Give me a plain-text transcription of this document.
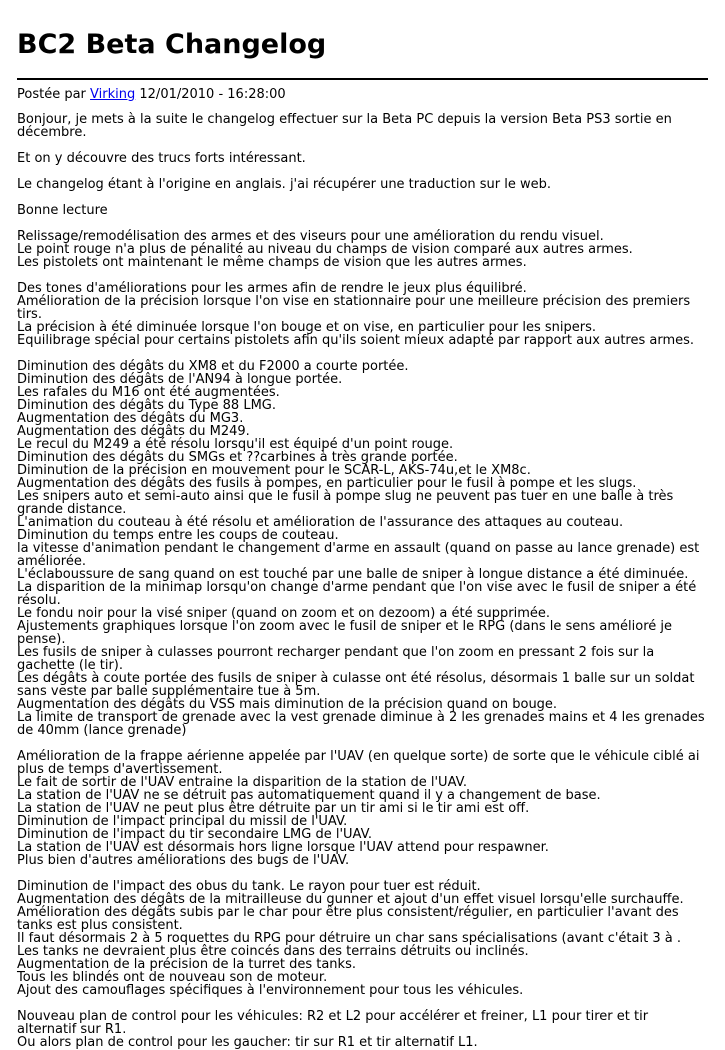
BC2 Beta Changelog
Postée par Virking 12/01/2010 - 16:28:00

Bonjour, je mets à la suite le changelog effectuer sur la Beta PC depuis la version Beta PS3 sortie en décembre.

Et on y découvre des trucs forts intéressant.

Le changelog étant à l'origine en anglais. j'ai récupérer une traduction sur le web.

Bonne lecture

Relissage/remodélisation des armes et des viseurs pour une amélioration du rendu visuel.
Le point rouge n'a plus de pénalité au niveau du champs de vision comparé aux autres armes.
Les pistolets ont maintenant le même champs de vision que les autres armes.

Des tones d'améliorations pour les armes afin de rendre le jeux plus équilibré.
Amélioration de la précision lorsque l'on vise en stationnaire pour une meilleure précision des premiers tirs.
La précision à été diminuée lorsque l'on bouge et on vise, en particulier pour les snipers.
Equilibrage spécial pour certains pistolets afin qu'ils soient mieux adapté par rapport aux autres armes.

Diminution des dégâts du XM8 et du F2000 a courte portée.
Diminution des dégâts de l'AN94 à longue portée.
Les rafales du M16 ont été augmentées.
Diminution des dégâts du Type 88 LMG.
Augmentation des dégâts du MG3.
Augmentation des dégâts du M249.
Le recul du M249 a été résolu lorsqu'il est équipé d'un point rouge.
Diminution des dégâts du SMGs et ??carbines à très grande portée.
Diminution de la précision en mouvement pour le SCAR-L, AKS-74u,et le XM8c.
Augmentation des dégâts des fusils à pompes, en particulier pour le fusil à pompe et les slugs.
Les snipers auto et semi-auto ainsi que le fusil à pompe slug ne peuvent pas tuer en une balle à très grande distance.
L'animation du couteau à été résolu et amélioration de l'assurance des attaques au couteau.
Diminution du temps entre les coups de couteau.
la vitesse d'animation pendant le changement d'arme en assault (quand on passe au lance grenade) est améliorée.
L'éclaboussure de sang quand on est touché par une balle de sniper à longue distance a été diminuée.
La disparition de la minimap lorsqu'on change d'arme pendant que l'on vise avec le fusil de sniper a été résolu.
Le fondu noir pour la visé sniper (quand on zoom et on dezoom) a été supprimée.
Ajustements graphiques lorsque l'on zoom avec le fusil de sniper et le RPG (dans le sens amélioré je pense).
Les fusils de sniper à culasses pourront recharger pendant que l'on zoom en pressant 2 fois sur la gachette (le tir).
Les dégâts à coute portée des fusils de sniper à culasse ont été résolus, désormais 1 balle sur un soldat sans veste par balle supplémentaire tue à 5m.
Augmentation des dégâts du VSS mais diminution de la précision quand on bouge.
La limite de transport de grenade avec la vest grenade diminue à 2 les grenades mains et 4 les grenades de 40mm (lance grenade)

Amélioration de la frappe aérienne appelée par l'UAV (en quelque sorte) de sorte que le véhicule ciblé ai plus de temps d'avertissement.
Le fait de sortir de l'UAV entraine la disparition de la station de l'UAV.
La station de l'UAV ne se détruit pas automatiquement quand il y a changement de base.
La station de l'UAV ne peut plus être détruite par un tir ami si le tir ami est off.
Diminution de l'impact principal du missil de l'UAV.
Diminution de l'impact du tir secondaire LMG de l'UAV.
La station de l'UAV est désormais hors ligne lorsque l'UAV attend pour respawner.
Plus bien d'autres améliorations des bugs de l'UAV.

Diminution de l'impact des obus du tank. Le rayon pour tuer est réduit.
Augmentation des dégâts de la mitrailleuse du gunner et ajout d'un effet visuel lorsqu'elle surchauffe.
Amélioration des dégâts subis par le char pour être plus consistent/régulier, en particulier l'avant des tanks est plus consistent.
Il faut désormais 2 à 5 roquettes du RPG pour détruire un char sans spécialisations (avant c'était 3 à .
Les tanks ne devraient plus être coincés dans des terrains détruits ou inclinés.
Augmentation de la précision de la turret des tanks.
Tous les blindés ont de nouveau son de moteur.
Ajout des camouflages spécifiques à l'environnement pour tous les véhicules.

Nouveau plan de control pour les véhicules: R2 et L2 pour accélérer et freiner, L1 pour tirer et tir alternatif sur R1.
Ou alors plan de control pour les gaucher: tir sur R1 et tir alternatif L1.
